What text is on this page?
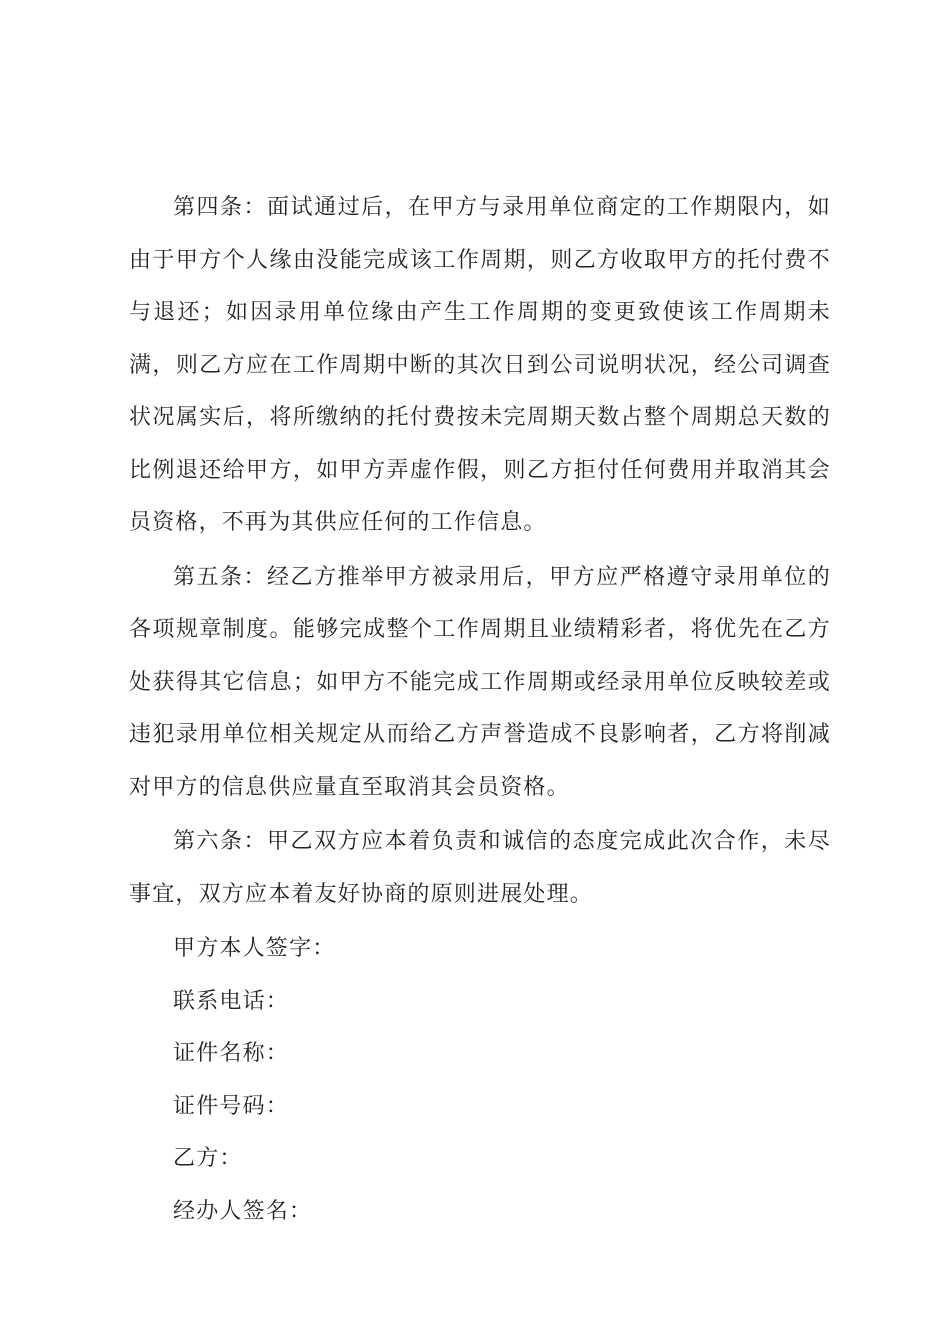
第四条：面试通过后，在甲方与录用单位商定的工作期限内，如由于甲方个人缘由没能完成该工作周期，则乙方收取甲方的托付费不与退还；如因录用单位缘由产生工作周期的变更致使该工作周期未满，则乙方应在工作周期中断的其次日到公司说明状况，经公司调查状况属实后，将所缴纳的托付费按未完周期天数占整个周期总天数的比例退还给甲方，如甲方弄虚作假，则乙方拒付任何费用并取消其会员资格，不再为其供应任何的工作信息。

第五条：经乙方推举甲方被录用后，甲方应严格遵守录用单位的各项规章制度。能够完成整个工作周期且业绩精彩者，将优先在乙方处获得其它信息；如甲方不能完成工作周期或经录用单位反映较差或违犯录用单位相关规定从而给乙方声誉造成不良影响者，乙方将削减对甲方的信息供应量直至取消其会员资格。

第六条：甲乙双方应本着负责和诚信的态度完成此次合作，未尽事宜，双方应本着友好协商的原则进展处理。

甲方本人签字：

联系电话：

证件名称：

证件号码：

乙方：

经办人签名：
